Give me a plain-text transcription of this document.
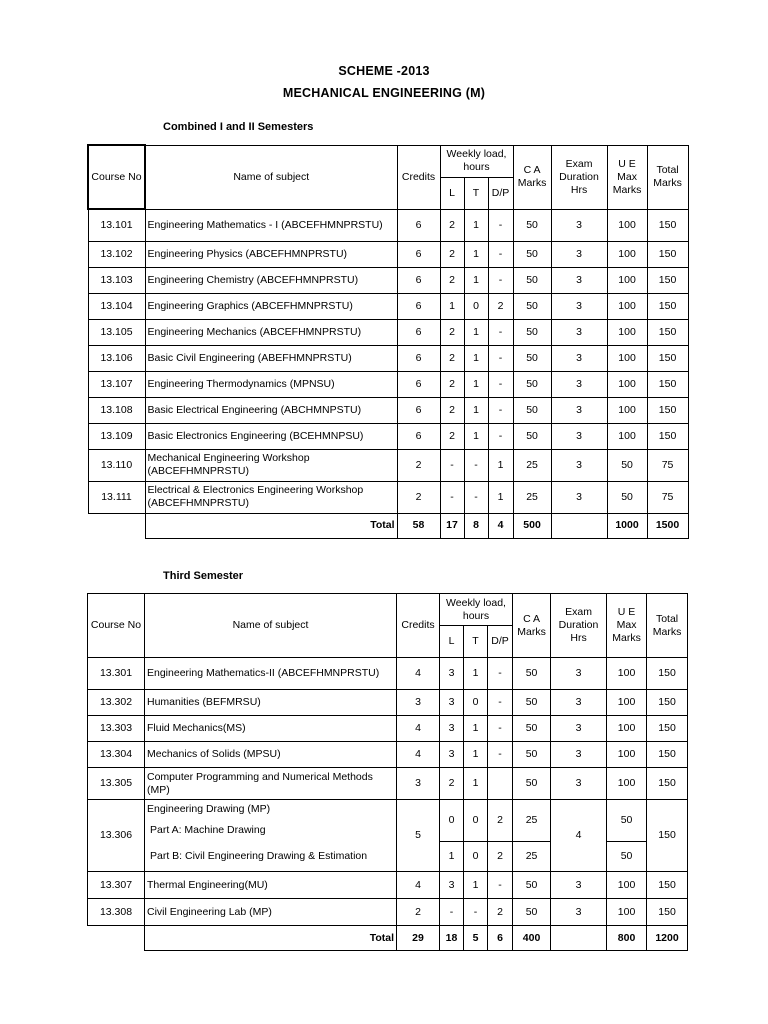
SCHEME -2013
MECHANICAL ENGINEERING (M)
Combined I and II Semesters
Course No	Name of subject	Credits	Weekly load, hours			C A Marks	Exam Duration Hrs	U E Max Marks	Total Marks
			L	T	D/P				
13.101	Engineering Mathematics - I (ABCEFHMNPRSTU)	6	2	1	-	50	3	100	150
13.102	Engineering Physics (ABCEFHMNPRSTU)	6	2	1	-	50	3	100	150
13.103	Engineering Chemistry (ABCEFHMNPRSTU)	6	2	1	-	50	3	100	150
13.104	Engineering Graphics (ABCEFHMNPRSTU)	6	1	0	2	50	3	100	150
13.105	Engineering Mechanics (ABCEFHMNPRSTU)	6	2	1	-	50	3	100	150
13.106	Basic Civil Engineering (ABEFHMNPRSTU)	6	2	1	-	50	3	100	150
13.107	Engineering Thermodynamics (MPNSU)	6	2	1	-	50	3	100	150
13.108	Basic Electrical Engineering (ABCHMNPSTU)	6	2	1	-	50	3	100	150
13.109	Basic Electronics Engineering (BCEHMNPSU)	6	2	1	-	50	3	100	150
13.110	Mechanical Engineering Workshop (ABCEFHMNPRSTU)	2	-	-	1	25	3	50	75
13.111	Electrical & Electronics Engineering Workshop (ABCEFHMNPRSTU)	2	-	-	1	25	3	50	75
	Total	58	17	8	4	500		1000	1500
Third Semester
Course No	Name of subject	Credits	Weekly load, hours			C A Marks	Exam Duration Hrs	U E Max Marks	Total Marks
			L	T	D/P				
13.301	Engineering Mathematics-II (ABCEFHMNPRSTU)	4	3	1	-	50	3	100	150
13.302	Humanities (BEFMRSU)	3	3	0	-	50	3	100	150
13.303	Fluid Mechanics(MS)	4	3	1	-	50	3	100	150
13.304	Mechanics of Solids (MPSU)	4	3	1	-	50	3	100	150
13.305	Computer Programming and Numerical Methods (MP)	3	2	1		50	3	100	150
13.306	Engineering Drawing (MP)	5	0	0	2	25	4	50	150
	Part A: Machine Drawing								
	Part B: Civil Engineering Drawing & Estimation		1	0	2	25		50	
13.307	Thermal Engineering(MU)	4	3	1	-	50	3	100	150
13.308	Civil Engineering Lab (MP)	2	-	-	2	50	3	100	150
	Total	29	18	5	6	400		800	1200
